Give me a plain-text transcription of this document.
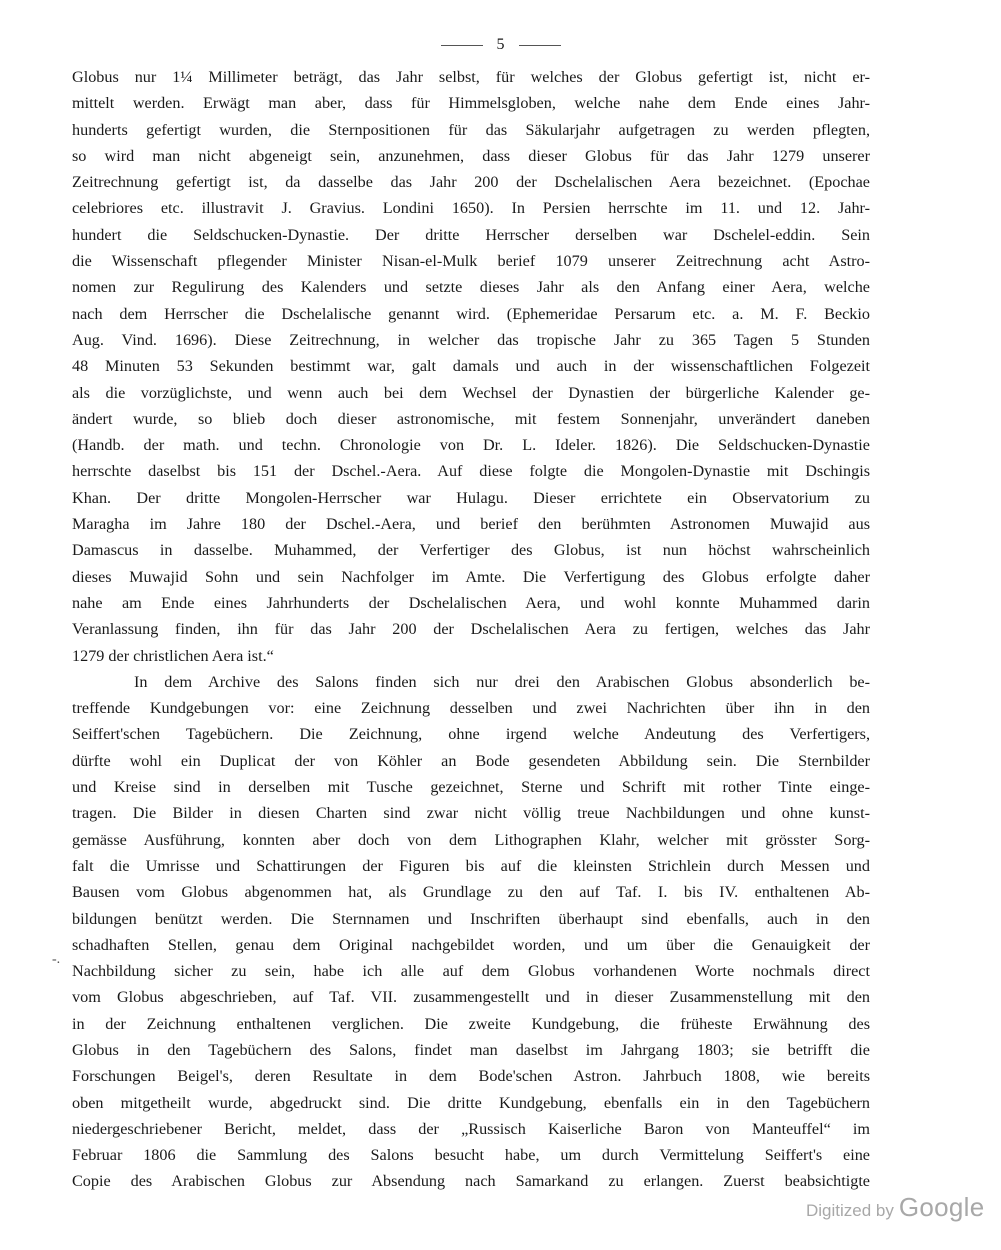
5
-.
Globus nur 1¼ Millimeter beträgt, das Jahr selbst, für welches der Globus gefertigt ist, nicht er-
mittelt werden. Erwägt man aber, dass für Himmelsgloben, welche nahe dem Ende eines Jahr-
hunderts gefertigt wurden, die Sternpositionen für das Säkularjahr aufgetragen zu werden pflegten,
so wird man nicht abgeneigt sein, anzunehmen, dass dieser Globus für das Jahr 1279 unserer
Zeitrechnung gefertigt ist, da dasselbe das Jahr 200 der Dschelalischen Aera bezeichnet. (Epochae
celebriores etc. illustravit J. Gravius. Londini 1650). In Persien herrschte im 11. und 12. Jahr-
hundert die Seldschucken-Dynastie. Der dritte Herrscher derselben war Dschelel-eddin. Sein
die Wissenschaft pflegender Minister Nisan-el-Mulk berief 1079 unserer Zeitrechnung acht Astro-
nomen zur Regulirung des Kalenders und setzte dieses Jahr als den Anfang einer Aera, welche
nach dem Herrscher die Dschelalische genannt wird. (Ephemeridae Persarum etc. a. M. F. Beckio
Aug. Vind. 1696). Diese Zeitrechnung, in welcher das tropische Jahr zu 365 Tagen 5 Stunden
48 Minuten 53 Sekunden bestimmt war, galt damals und auch in der wissenschaftlichen Folgezeit
als die vorzüglichste, und wenn auch bei dem Wechsel der Dynastien der bürgerliche Kalender ge-
ändert wurde, so blieb doch dieser astronomische, mit festem Sonnenjahr, unverändert daneben
(Handb. der math. und techn. Chronologie von Dr. L. Ideler. 1826). Die Seldschucken-Dynastie
herrschte daselbst bis 151 der Dschel.-Aera. Auf diese folgte die Mongolen-Dynastie mit Dschingis
Khan. Der dritte Mongolen-Herrscher war Hulagu. Dieser errichtete ein Observatorium zu
Maragha im Jahre 180 der Dschel.-Aera, und berief den berühmten Astronomen Muwajid aus
Damascus in dasselbe. Muhammed, der Verfertiger des Globus, ist nun höchst wahrscheinlich
dieses Muwajid Sohn und sein Nachfolger im Amte. Die Verfertigung des Globus erfolgte daher
nahe am Ende eines Jahrhunderts der Dschelalischen Aera, und wohl konnte Muhammed darin
Veranlassung finden, ihn für das Jahr 200 der Dschelalischen Aera zu fertigen, welches das Jahr
1279 der christlichen Aera ist.“
In dem Archive des Salons finden sich nur drei den Arabischen Globus absonderlich be-
treffende Kundgebungen vor: eine Zeichnung desselben und zwei Nachrichten über ihn in den
Seiffert'schen Tagebüchern. Die Zeichnung, ohne irgend welche Andeutung des Verfertigers,
dürfte wohl ein Duplicat der von Köhler an Bode gesendeten Abbildung sein. Die Sternbilder
und Kreise sind in derselben mit Tusche gezeichnet, Sterne und Schrift mit rother Tinte einge-
tragen. Die Bilder in diesen Charten sind zwar nicht völlig treue Nachbildungen und ohne kunst-
gemässe Ausführung, konnten aber doch von dem Lithographen Klahr, welcher mit grösster Sorg-
falt die Umrisse und Schattirungen der Figuren bis auf die kleinsten Strichlein durch Messen und
Bausen vom Globus abgenommen hat, als Grundlage zu den auf Taf. I. bis IV. enthaltenen Ab-
bildungen benützt werden. Die Sternnamen und Inschriften überhaupt sind ebenfalls, auch in den
schadhaften Stellen, genau dem Original nachgebildet worden, und um über die Genauigkeit der
Nachbildung sicher zu sein, habe ich alle auf dem Globus vorhandenen Worte nochmals direct
vom Globus abgeschrieben, auf Taf. VII. zusammengestellt und in dieser Zusammenstellung mit den
in der Zeichnung enthaltenen verglichen. Die zweite Kundgebung, die früheste Erwähnung des
Globus in den Tagebüchern des Salons, findet man daselbst im Jahrgang 1803; sie betrifft die
Forschungen Beigel's, deren Resultate in dem Bode'schen Astron. Jahrbuch 1808, wie bereits
oben mitgetheilt wurde, abgedruckt sind. Die dritte Kundgebung, ebenfalls ein in den Tagebüchern
niedergeschriebener Bericht, meldet, dass der „Russisch Kaiserliche Baron von Manteuffel“ im
Februar 1806 die Sammlung des Salons besucht habe, um durch Vermittelung Seiffert's eine
Copie des Arabischen Globus zur Absendung nach Samarkand zu erlangen. Zuerst beabsichtigte
Digitized by Google
